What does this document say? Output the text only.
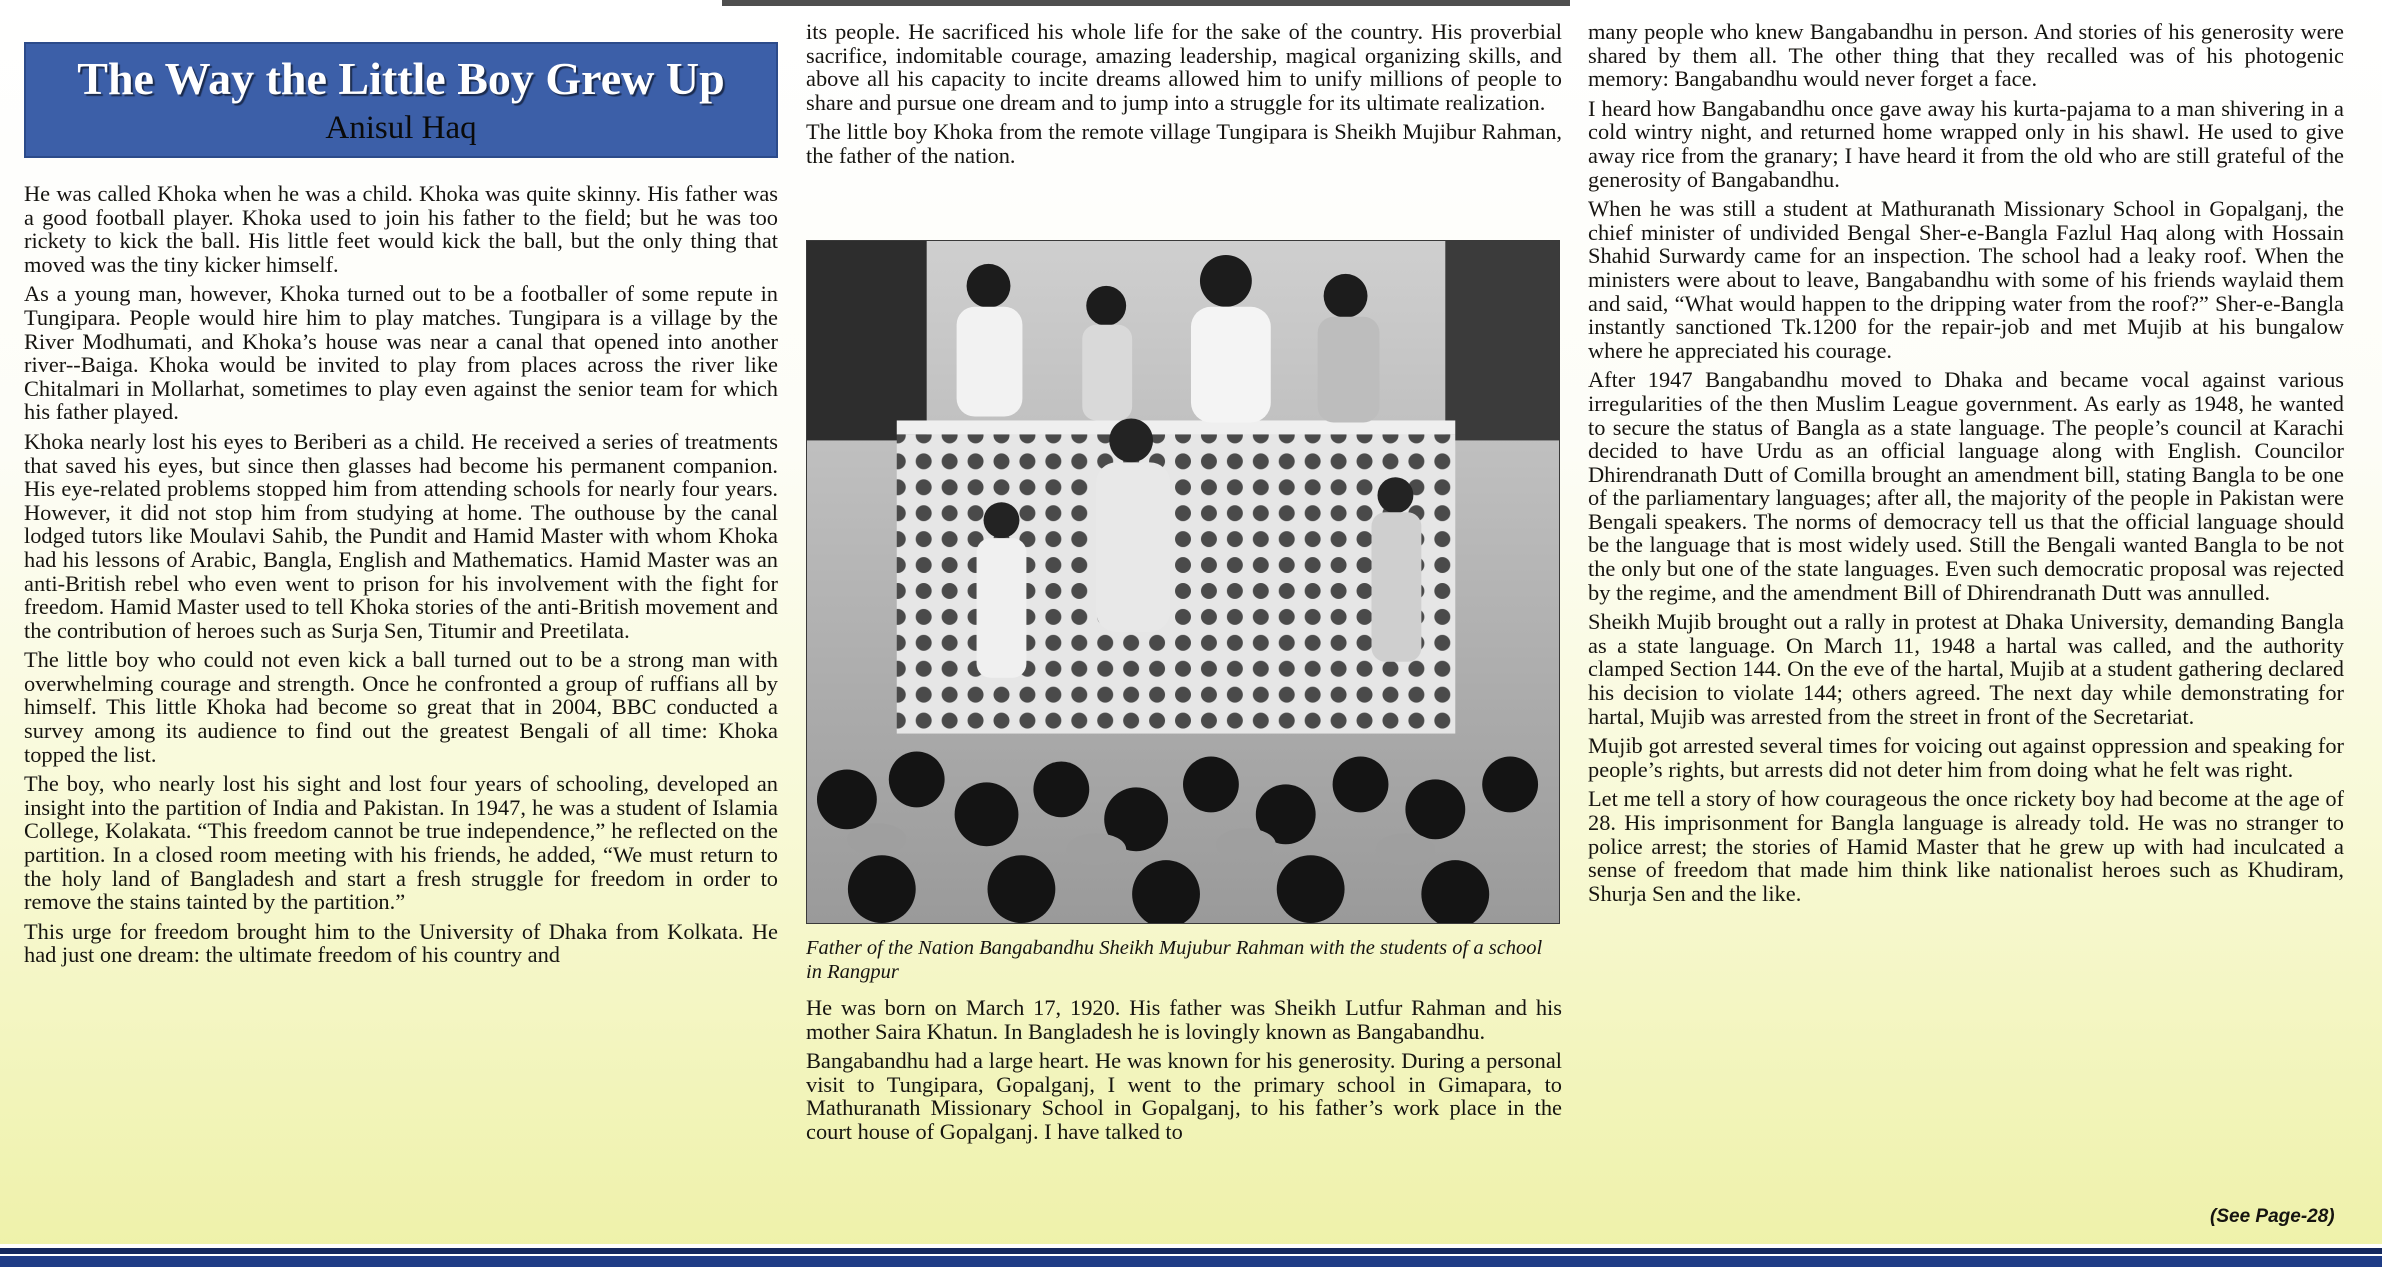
The Way the Little Boy Grew Up
Anisul Haq

He was called Khoka when he was a child. Khoka was quite skinny. His father was a good football player. Khoka used to join his father to the field; but he was too rickety to kick the ball. His little feet would kick the ball, but the only thing that moved was the tiny kicker himself.

As a young man, however, Khoka turned out to be a footballer of some repute in Tungipara. People would hire him to play matches. Tungipara is a village by the River Modhumati, and Khoka’s house was near a canal that opened into another river--Baiga. Khoka would be invited to play from places across the river like Chitalmari in Mollarhat, sometimes to play even against the senior team for which his father played.

Khoka nearly lost his eyes to Beriberi as a child. He received a series of treatments that saved his eyes, but since then glasses had become his permanent companion. His eye-related problems stopped him from attending schools for nearly four years. However, it did not stop him from studying at home. The outhouse by the canal lodged tutors like Moulavi Sahib, the Pundit and Hamid Master with whom Khoka had his lessons of Arabic, Bangla, English and Mathematics. Hamid Master was an anti-British rebel who even went to prison for his involvement with the fight for freedom. Hamid Master used to tell Khoka stories of the anti-British movement and the contribution of heroes such as Surja Sen, Titumir and Preetilata.

The little boy who could not even kick a ball turned out to be a strong man with overwhelming courage and strength. Once he confronted a group of ruffians all by himself. This little Khoka had become so great that in 2004, BBC conducted a survey among its audience to find out the greatest Bengali of all time: Khoka topped the list.

The boy, who nearly lost his sight and lost four years of schooling, developed an insight into the partition of India and Pakistan. In 1947, he was a student of Islamia College, Kolakata. “This freedom cannot be true independence,” he reflected on the partition. In a closed room meeting with his friends, he added, “We must return to the holy land of Bangladesh and start a fresh struggle for freedom in order to remove the stains tainted by the partition.”

This urge for freedom brought him to the University of Dhaka from Kolkata. He had just one dream: the ultimate freedom of his country and

its people. He sacrificed his whole life for the sake of the country. His proverbial sacrifice, indomitable courage, amazing leadership, magical organizing skills, and above all his capacity to incite dreams allowed him to unify millions of people to share and pursue one dream and to jump into a struggle for its ultimate realization.

The little boy Khoka from the remote village Tungipara is Sheikh Mujibur Rahman, the father of the nation.

Father of the Nation Bangabandhu Sheikh Mujubur Rahman with the students of a school in Rangpur

He was born on March 17, 1920. His father was Sheikh Lutfur Rahman and his mother Saira Khatun. In Bangladesh he is lovingly known as Bangabandhu.

Bangabandhu had a large heart. He was known for his generosity. During a personal visit to Tungipara, Gopalganj, I went to the primary school in Gimapara, to Mathuranath Missionary School in Gopalganj, to his father’s work place in the court house of Gopalganj. I have talked to

many people who knew Bangabandhu in person. And stories of his generosity were shared by them all. The other thing that they recalled was of his photogenic memory: Bangabandhu would never forget a face.

I heard how Bangabandhu once gave away his kurta-pajama to a man shivering in a cold wintry night, and returned home wrapped only in his shawl. He used to give away rice from the granary; I have heard it from the old who are still grateful of the generosity of Bangabandhu.

When he was still a student at Mathuranath Missionary School in Gopalganj, the chief minister of undivided Bengal Sher-e-Bangla Fazlul Haq along with Hossain Shahid Surwardy came for an inspection. The school had a leaky roof. When the ministers were about to leave, Bangabandhu with some of his friends waylaid them and said, “What would happen to the dripping water from the roof?” Sher-e-Bangla instantly sanctioned Tk.1200 for the repair-job and met Mujib at his bungalow where he appreciated his courage.

After 1947 Bangabandhu moved to Dhaka and became vocal against various irregularities of the then Muslim League government. As early as 1948, he wanted to secure the status of Bangla as a state language. The people’s council at Karachi decided to have Urdu as an official language along with English. Councilor Dhirendranath Dutt of Comilla brought an amendment bill, stating Bangla to be one of the parliamentary languages; after all, the majority of the people in Pakistan were Bengali speakers. The norms of democracy tell us that the official language should be the language that is most widely used. Still the Bengali wanted Bangla to be not the only but one of the state languages. Even such democratic proposal was rejected by the regime, and the amendment Bill of Dhirendranath Dutt was annulled.

Sheikh Mujib brought out a rally in protest at Dhaka University, demanding Bangla as a state language. On March 11, 1948 a hartal was called, and the authority clamped Section 144. On the eve of the hartal, Mujib at a student gathering declared his decision to violate 144; others agreed. The next day while demonstrating for hartal, Mujib was arrested from the street in front of the Secretariat.

Mujib got arrested several times for voicing out against oppression and speaking for people’s rights, but arrests did not deter him from doing what he felt was right.

Let me tell a story of how courageous the once rickety boy had become at the age of 28. His imprisonment for Bangla language is already told. He was no stranger to police arrest; the stories of Hamid Master that he grew up with had inculcated a sense of freedom that made him think like nationalist heroes such as Khudiram, Shurja Sen and the like.

(See Page-28)
